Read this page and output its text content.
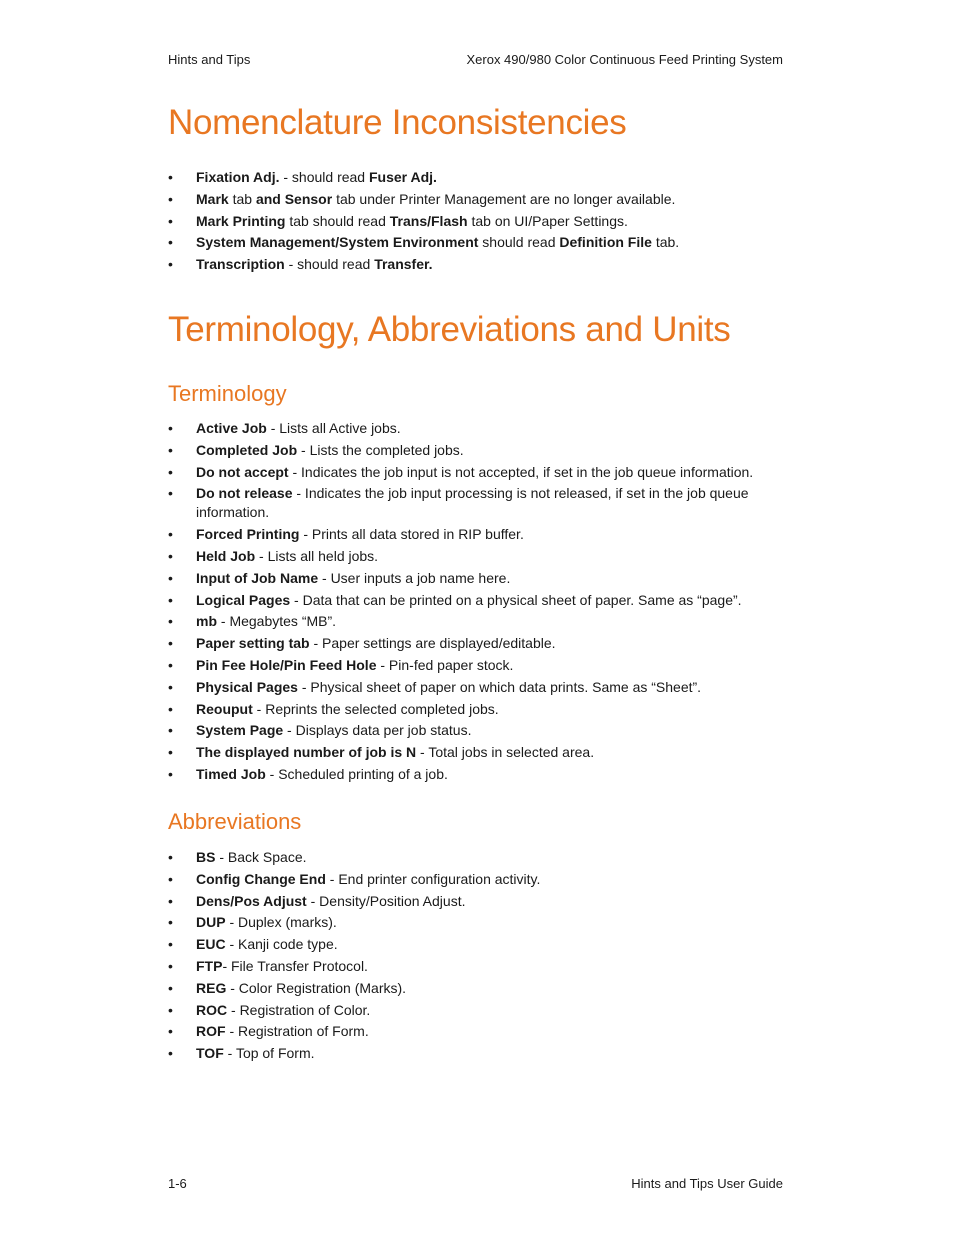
Hints and Tips	Xerox 490/980 Color Continuous Feed Printing System
Nomenclature Inconsistencies
• Fixation Adj. - should read Fuser Adj.
• Mark tab and Sensor tab under Printer Management are no longer available.
• Mark Printing tab should read Trans/Flash tab on UI/Paper Settings.
• System Management/System Environment should read Definition File tab.
• Transcription - should read Transfer.
Terminology, Abbreviations and Units
Terminology
• Active Job - Lists all Active jobs.
• Completed Job - Lists the completed jobs.
• Do not accept - Indicates the job input is not accepted, if set in the job queue information.
• Do not release - Indicates the job input processing is not released, if set in the job queue information.
• Forced Printing - Prints all data stored in RIP buffer.
• Held Job - Lists all held jobs.
• Input of Job Name - User inputs a job name here.
• Logical Pages - Data that can be printed on a physical sheet of paper. Same as “page”.
• mb - Megabytes “MB”.
• Paper setting tab - Paper settings are displayed/editable.
• Pin Fee Hole/Pin Feed Hole - Pin-fed paper stock.
• Physical Pages - Physical sheet of paper on which data prints. Same as “Sheet”.
• Reouput - Reprints the selected completed jobs.
• System Page - Displays data per job status.
• The displayed number of job is N - Total jobs in selected area.
• Timed Job - Scheduled printing of a job.
Abbreviations
• BS - Back Space.
• Config Change End - End printer configuration activity.
• Dens/Pos Adjust - Density/Position Adjust.
• DUP - Duplex (marks).
• EUC - Kanji code type.
• FTP- File Transfer Protocol.
• REG - Color Registration (Marks).
• ROC - Registration of Color.
• ROF - Registration of Form.
• TOF - Top of Form.
1-6	Hints and Tips User Guide
